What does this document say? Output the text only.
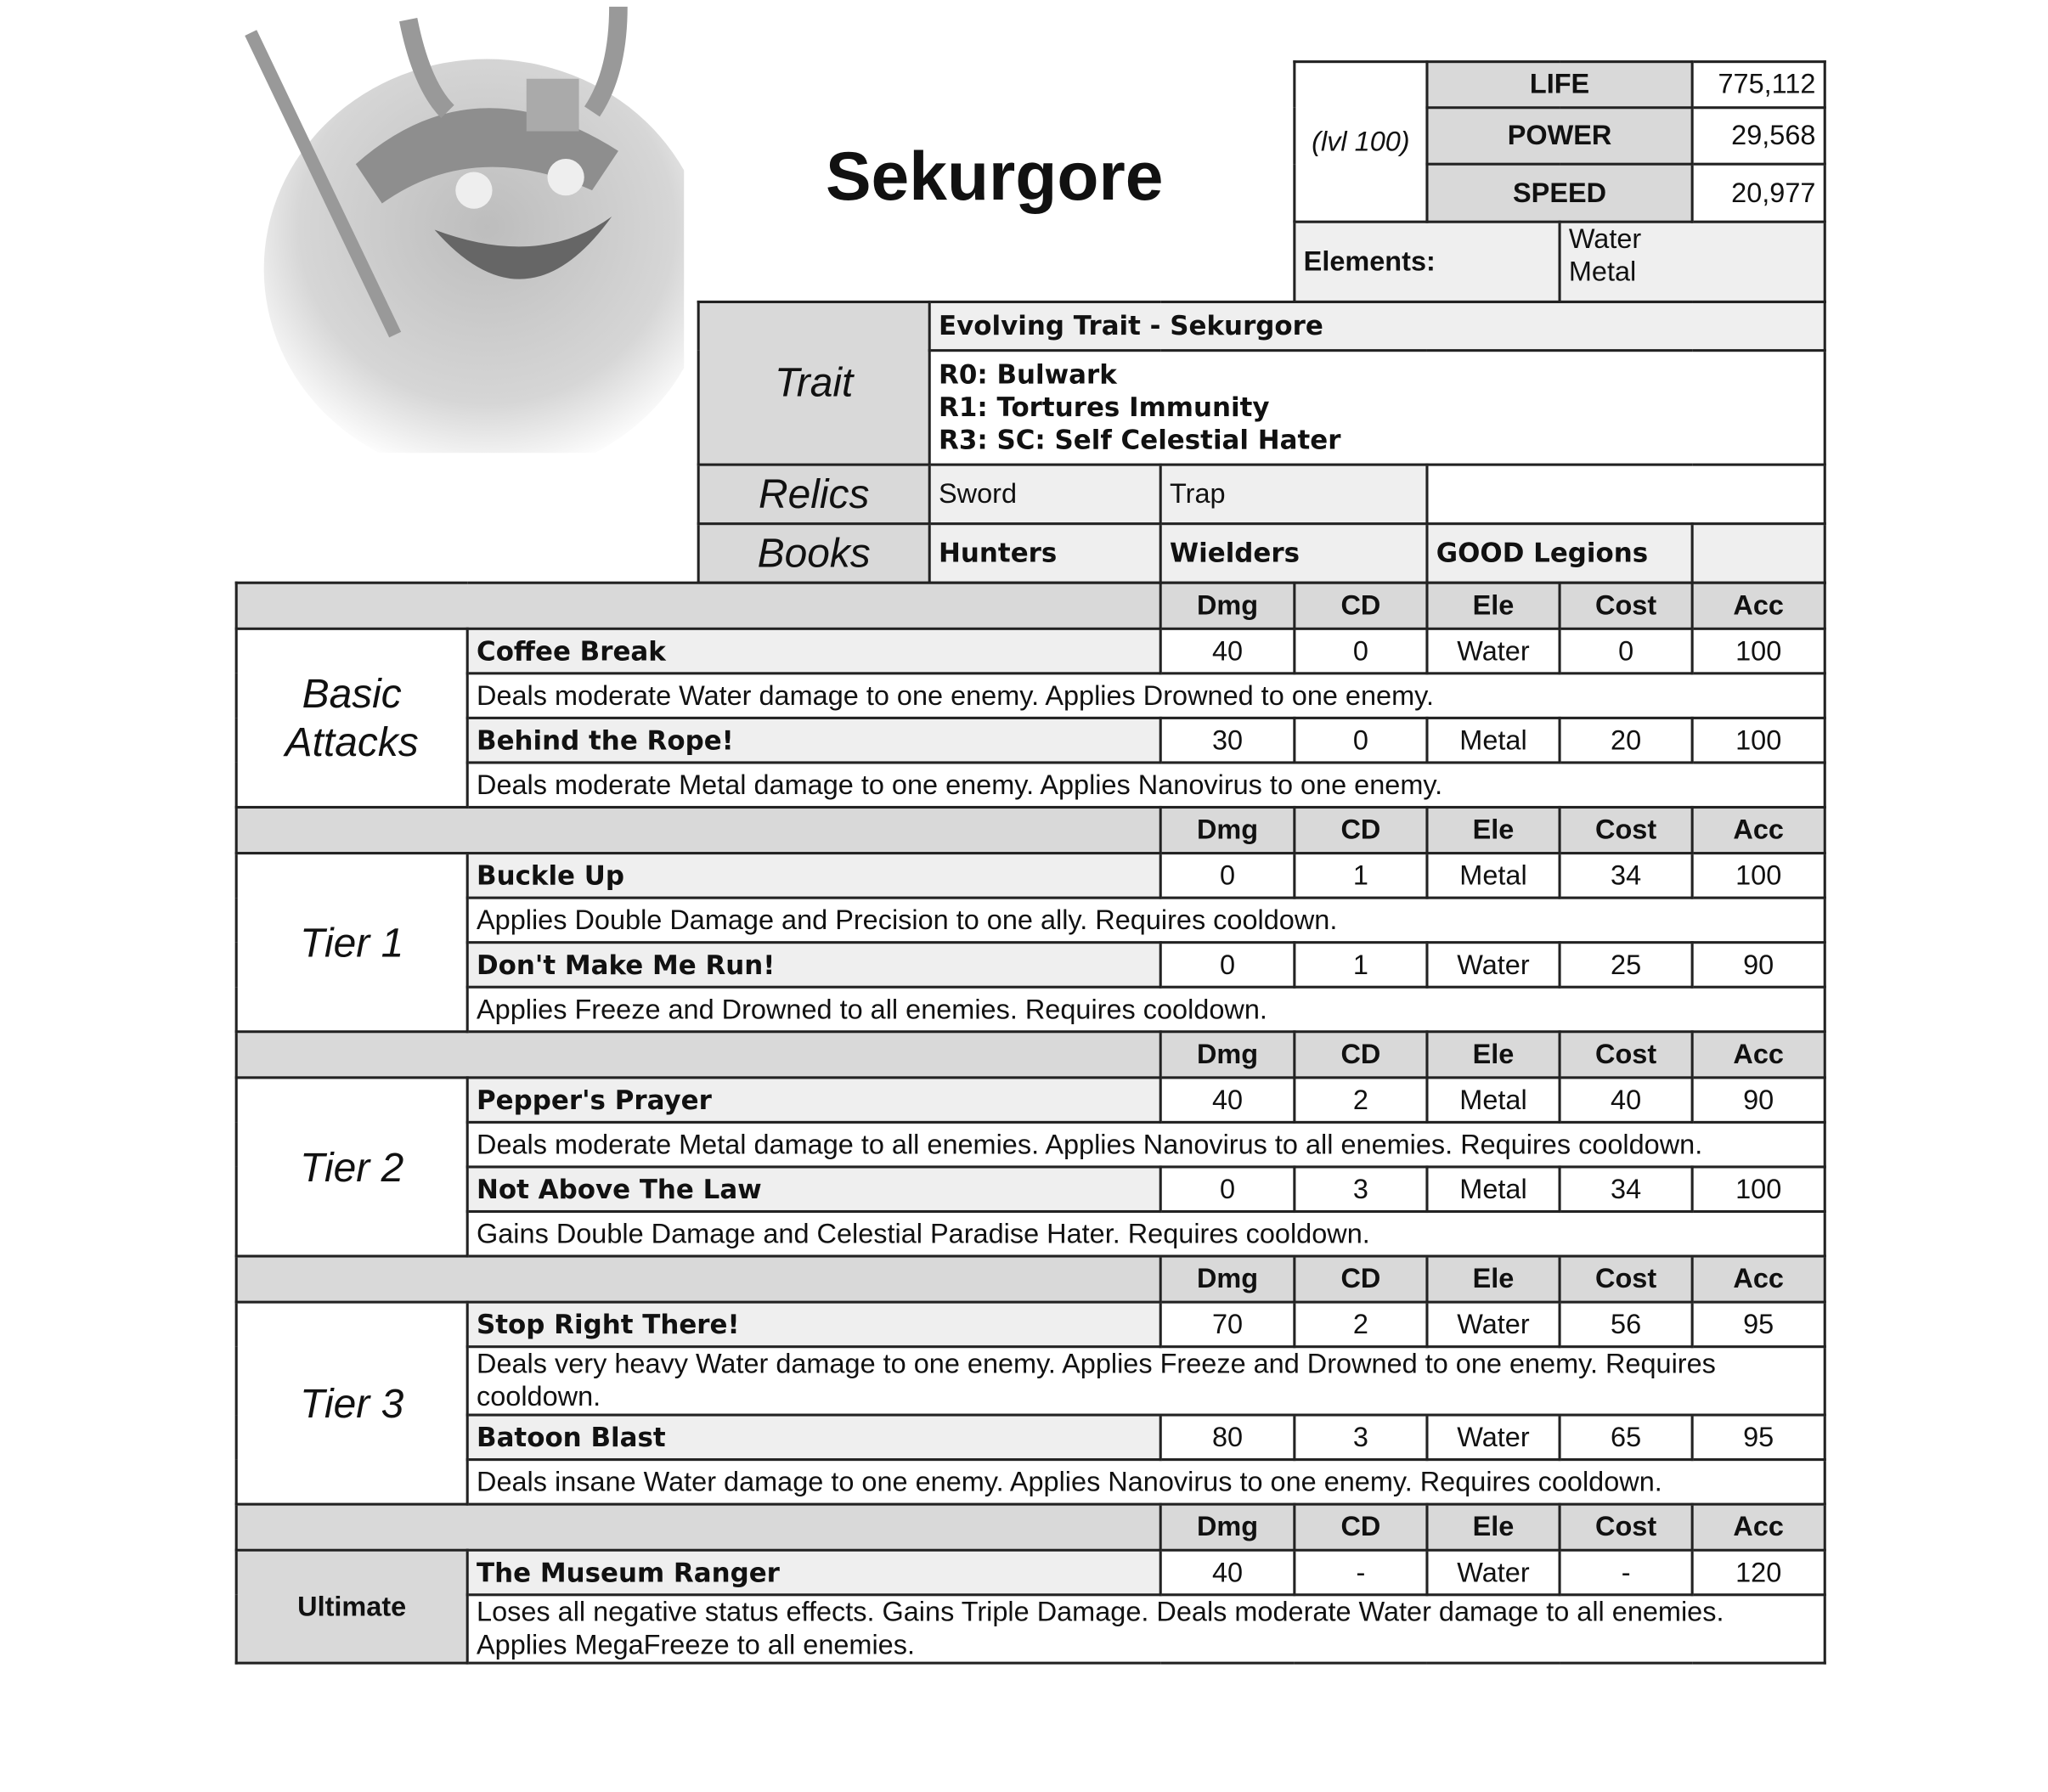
Sekurgore	(lvl 100)	LIFE		775,112
	POWER		29,568
	SPEED		20,977
Elements:		Water
Metal	
Trait	Evolving Trait - Sekurgore			

	R0: Bulwark
R1: Tortures Immunity
R3: SC: Self Celestial Hater			

Relics	Sword	Trap		
Books	Hunters	Wielders	GOOD Legions	
		Dmg	CD	Ele	Cost	Acc
Basic Attacks	Coffee Break	40	0	Water	0	100
	Deals moderate Water damage to one enemy. Applies Drowned to one enemy.					
	Behind the Rope!	30	0	Metal	20	100
	Deals moderate Metal damage to one enemy. Applies Nanovirus to one enemy.					
		Dmg	CD	Ele	Cost	Acc
Tier 1	Buckle Up	0	1	Metal	34	100
	Applies Double Damage and Precision to one ally. Requires cooldown.					
	Don't Make Me Run!	0	1	Water	25	90
	Applies Freeze and Drowned to all enemies. Requires cooldown.					
		Dmg	CD	Ele	Cost	Acc
Tier 2	Pepper's Prayer	40	2	Metal	40	90
	Deals moderate Metal damage to all enemies. Applies Nanovirus to all enemies. Requires cooldown.					
	Not Above The Law	0	3	Metal	34	100
	Gains Double Damage and Celestial Paradise Hater. Requires cooldown.					
		Dmg	CD	Ele	Cost	Acc
Tier 3	Stop Right There!	70	2	Water	56	95
	Deals very heavy Water damage to one enemy. Applies Freeze and Drowned to one enemy. Requires cooldown.					
	Batoon Blast	80	3	Water	65	95
	Deals insane Water damage to one enemy. Applies Nanovirus to one enemy. Requires cooldown.					
		Dmg	CD	Ele	Cost	Acc
Ultimate	The Museum Ranger	40	-	Water	-	120
	Loses all negative status effects. Gains Triple Damage. Deals moderate Water damage to all enemies. Applies MegaFreeze to all enemies.					
